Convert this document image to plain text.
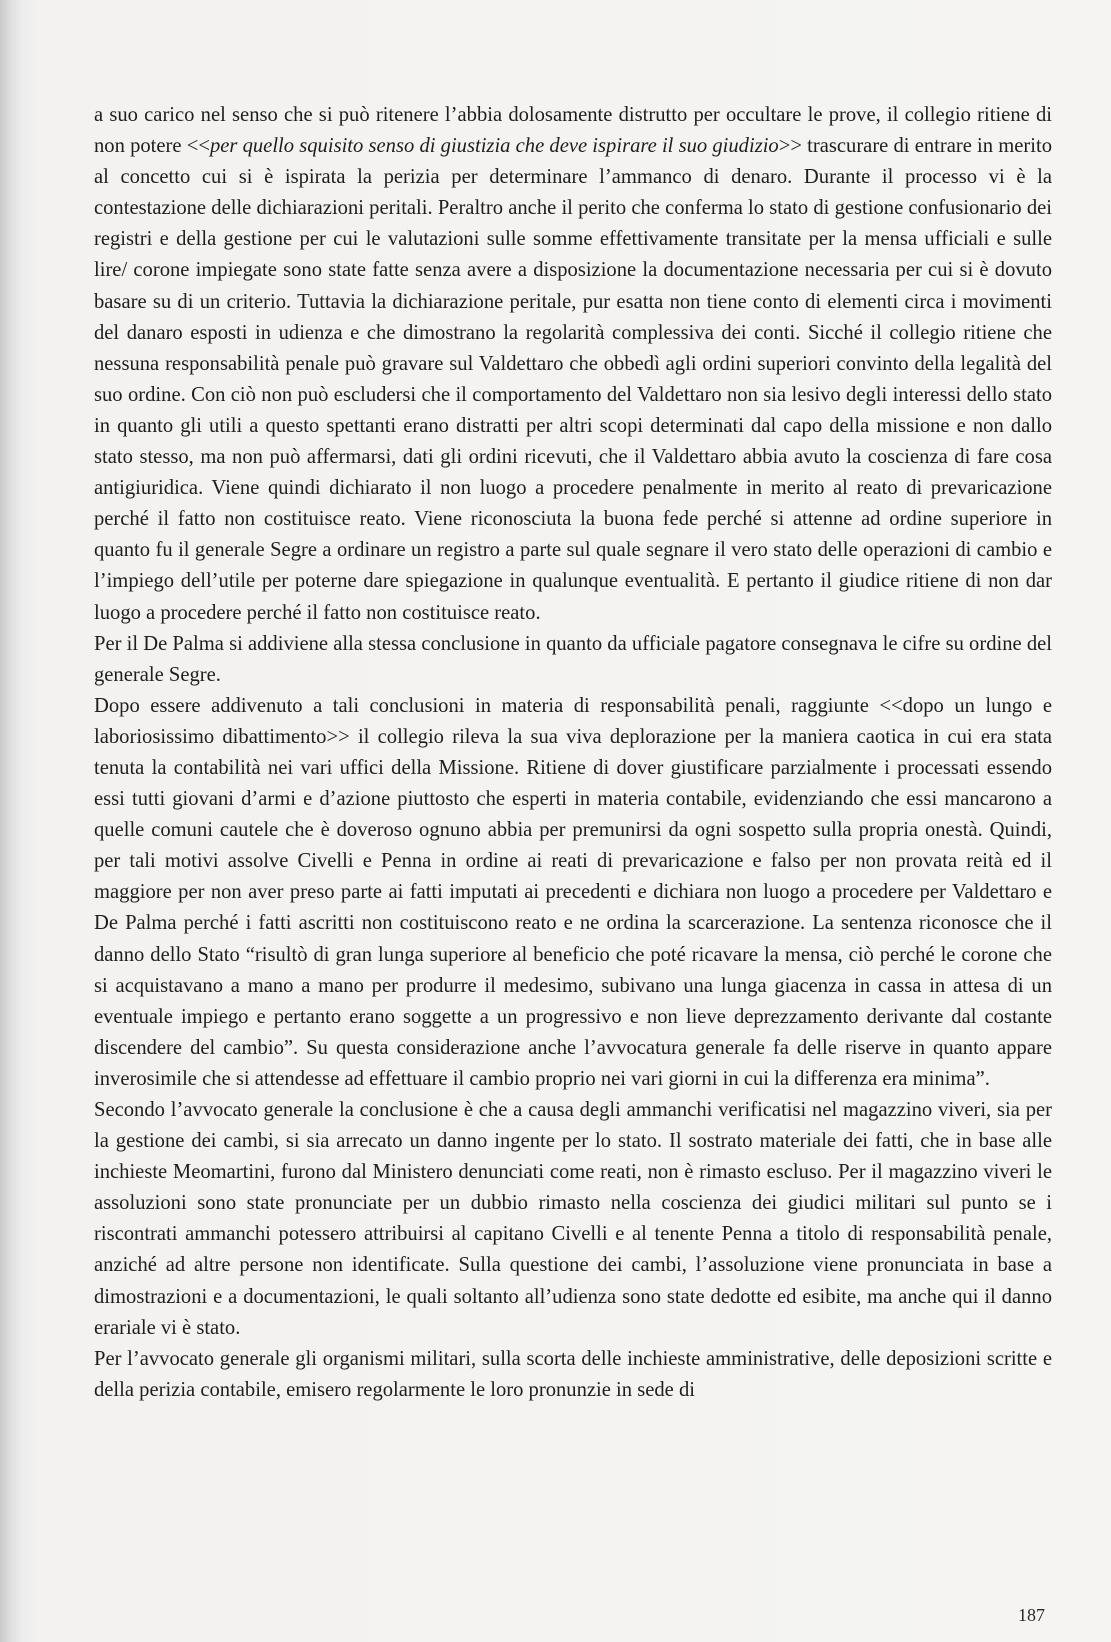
a suo carico nel senso che si può ritenere l’abbia dolosamente distrutto per occultare le prove, il collegio ritiene di non potere <<per quello squisito senso di giustizia che deve ispirare il suo giudizio>> trascurare di entrare in merito al concetto cui si è ispirata la perizia per determinare l’ammanco di denaro. Durante il processo vi è la contestazione delle dichiarazioni peritali. Peraltro anche il perito che conferma lo stato di gestione confusionario dei registri e della gestione per cui le valutazioni sulle somme effettivamente transitate per la mensa ufficiali e sulle lire/ corone impiegate sono state fatte senza avere a disposizione la documentazione necessaria per cui si è dovuto basare su di un criterio. Tuttavia la dichiarazione peritale, pur esatta non tiene conto di elementi circa i movimenti del danaro esposti in udienza e che dimostrano la regolarità complessiva dei conti. Sicché il collegio ritiene che nessuna responsabilità penale può gravare sul Valdettaro che obbedì agli ordini superiori convinto della legalità del suo ordine. Con ciò non può escludersi che il comportamento del Valdettaro non sia lesivo degli interessi dello stato in quanto gli utili a questo spettanti erano distratti per altri scopi determinati dal capo della missione e non dallo stato stesso, ma non può affermarsi, dati gli ordini ricevuti, che il Valdettaro abbia avuto la coscienza di fare cosa antigiuridica. Viene quindi dichiarato il non luogo a procedere penalmente in merito al reato di prevaricazione perché il fatto non costituisce reato. Viene riconosciuta la buona fede perché si attenne ad ordine superiore in quanto fu il generale Segre a ordinare un registro a parte sul quale segnare il vero stato delle operazioni di cambio e l’impiego dell’utile per poterne dare spiegazione in qualunque eventualità. E pertanto il giudice ritiene di non dar luogo a procedere perché il fatto non costituisce reato.

Per il De Palma si addiviene alla stessa conclusione in quanto da ufficiale pagatore consegnava le cifre su ordine del generale Segre.

Dopo essere addivenuto a tali conclusioni in materia di responsabilità penali, raggiunte <<dopo un lungo e laboriosissimo dibattimento>> il collegio rileva la sua viva deplorazione per la maniera caotica in cui era stata tenuta la contabilità nei vari uffici della Missione. Ritiene di dover giustificare parzialmente i processati essendo essi tutti giovani d’armi e d’azione piuttosto che esperti in materia contabile, evidenziando che essi mancarono a quelle comuni cautele che è doveroso ognuno abbia per premunirsi da ogni sospetto sulla propria onestà. Quindi, per tali motivi assolve Civelli e Penna in ordine ai reati di prevaricazione e falso per non provata reità ed il maggiore per non aver preso parte ai fatti imputati ai precedenti e dichiara non luogo a procedere per Valdettaro e De Palma perché i fatti ascritti non costituiscono reato e ne ordina la scarcerazione. La sentenza riconosce che il danno dello Stato “risultò di gran lunga superiore al beneficio che poté ricavare la mensa, ciò perché le corone che si acquistavano a mano a mano per produrre il medesimo, subivano una lunga giacenza in cassa in attesa di un eventuale impiego e pertanto erano soggette a un progressivo e non lieve deprezzamento derivante dal costante discendere del cambio”. Su questa considerazione anche l’avvocatura generale fa delle riserve in quanto appare inverosimile che si attendesse ad effettuare il cambio proprio nei vari giorni in cui la differenza era minima”.

Secondo l’avvocato generale la conclusione è che a causa degli ammanchi verificatisi nel magazzino viveri, sia per la gestione dei cambi, si sia arrecato un danno ingente per lo stato. Il sostrato materiale dei fatti, che in base alle inchieste Meomartini, furono dal Ministero denunciati come reati, non è rimasto escluso. Per il magazzino viveri le assoluzioni sono state pronunciate per un dubbio rimasto nella coscienza dei giudici militari sul punto se i riscontrati ammanchi potessero attribuirsi al capitano Civelli e al tenente Penna a titolo di responsabilità penale, anziché ad altre persone non identificate. Sulla questione dei cambi, l’assoluzione viene pronunciata in base a dimostrazioni e a documentazioni, le quali soltanto all’udienza sono state dedotte ed esibite, ma anche qui il danno erariale vi è stato.

Per l’avvocato generale gli organismi militari, sulla scorta delle inchieste amministrative, delle deposizioni scritte e della perizia contabile, emisero regolarmente le loro pronunzie in sede di

187
